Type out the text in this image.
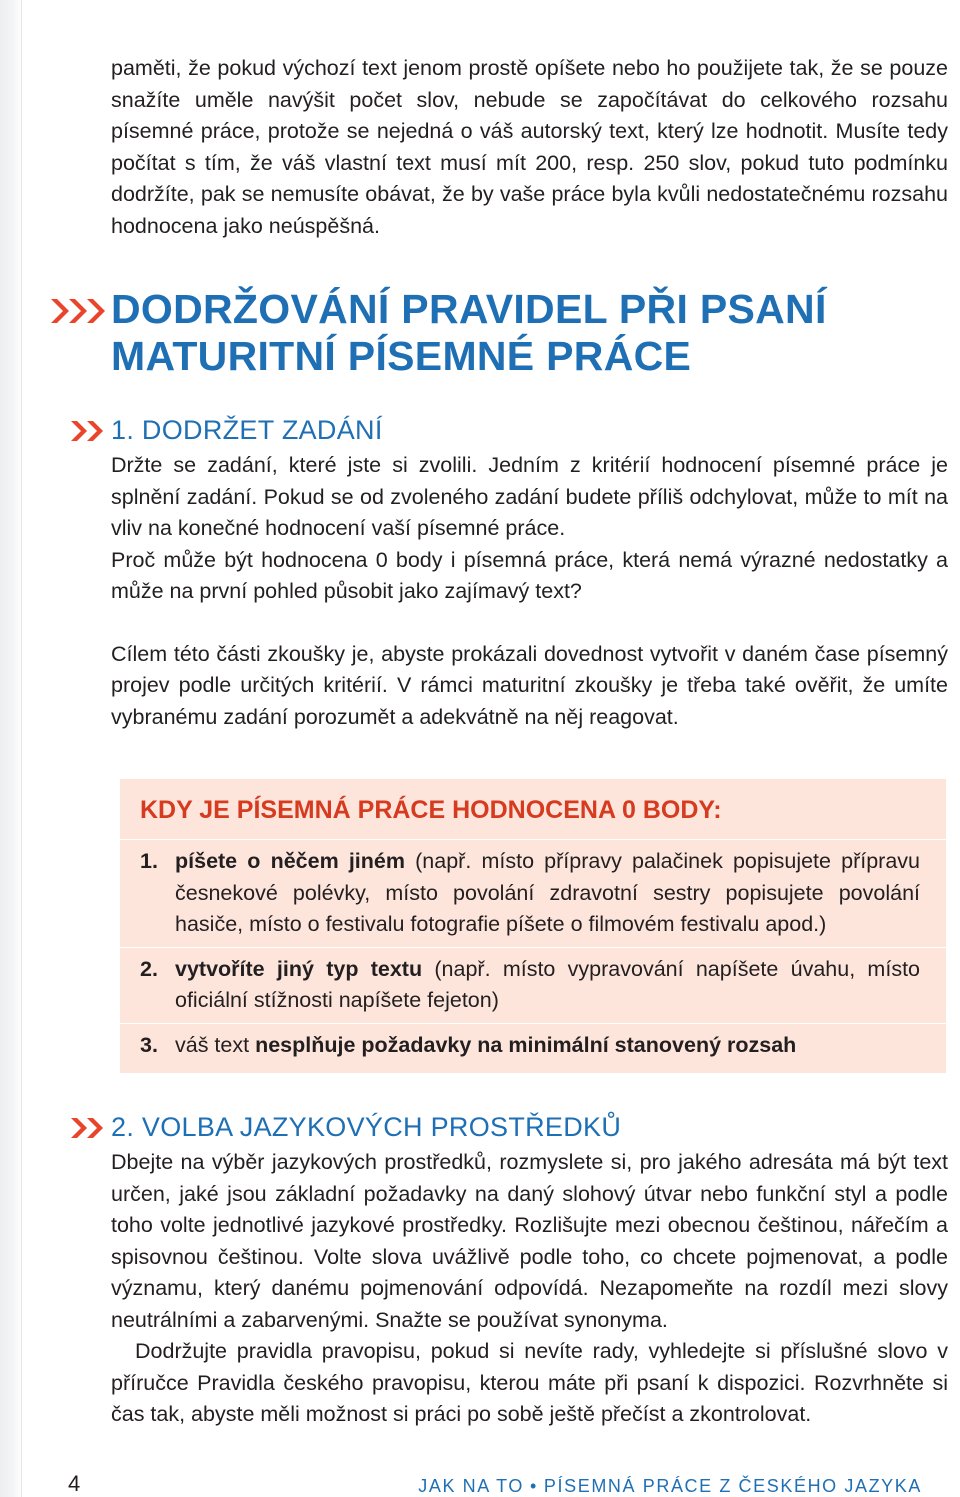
paměti, že pokud výchozí text jenom prostě opíšete nebo ho použijete tak, že se pouze snažíte uměle navýšit počet slov, nebude se započítávat do celkového rozsahu písemné práce, protože se nejedná o váš autorský text, který lze hodnotit. Musíte tedy počítat s tím, že váš vlastní text musí mít 200, resp. 250 slov, pokud tuto podmínku dodržíte, pak se nemusíte obávat, že by vaše práce byla kvůli nedostatečnému rozsahu hodnocena jako neúspěšná.

DODRŽOVÁNÍ PRAVIDEL PŘI PSANÍ
MATURITNÍ PÍSEMNÉ PRÁCE
1. DODRŽET ZADÁNÍ

Držte se zadání, které jste si zvolili. Jedním z kritérií hodnocení písemné práce je splnění zadání. Pokud se od zvoleného zadání budete příliš odchylovat, může to mít na vliv na konečné hodnocení vaší písemné práce.

Proč může být hodnocena 0 body i písemná práce, která nemá výrazné nedostatky a může na první pohled působit jako zajímavý text?

Cílem této části zkoušky je, abyste prokázali dovednost vytvořit v daném čase písemný projev podle určitých kritérií. V rámci maturitní zkoušky je třeba také ověřit, že umíte vybranému zadání porozumět a adekvátně na něj reagovat.

KDY JE PÍSEMNÁ PRÁCE HODNOCENA 0 BODY:
1. píšete o něčem jiném (např. místo přípravy palačinek popisujete přípravu česnekové polévky, místo povolání zdravotní sestry popisujete povolání hasiče, místo o festivalu fotografie píšete o filmovém festivalu apod.)
2. vytvoříte jiný typ textu (např. místo vypravování napíšete úvahu, místo oficiální stížnosti napíšete fejeton)
3. váš text nesplňuje požadavky na minimální stanovený rozsah
2. VOLBA JAZYKOVÝCH PROSTŘEDKŮ

Dbejte na výběr jazykových prostředků, rozmyslete si, pro jakého adresáta má být text určen, jaké jsou základní požadavky na daný slohový útvar nebo funkční styl a podle toho volte jednotlivé jazykové prostředky. Rozlišujte mezi obecnou češtinou, nářečím a spisovnou češtinou. Volte slova uvážlivě podle toho, co chcete pojmenovat, a podle významu, který danému pojmenování odpovídá. Nezapomeňte na rozdíl mezi slovy neutrálními a zabarvenými. Snažte se používat synonyma.

Dodržujte pravidla pravopisu, pokud si nevíte rady, vyhledejte si příslušné slovo v příručce Pravidla českého pravopisu, kterou máte při psaní k dispozici. Rozvrhněte si čas tak, abyste měli možnost si práci po sobě ještě přečíst a zkontrolovat.

4	JAK NA TO • PÍSEMNÁ PRÁCE Z ČESKÉHO JAZYKA
